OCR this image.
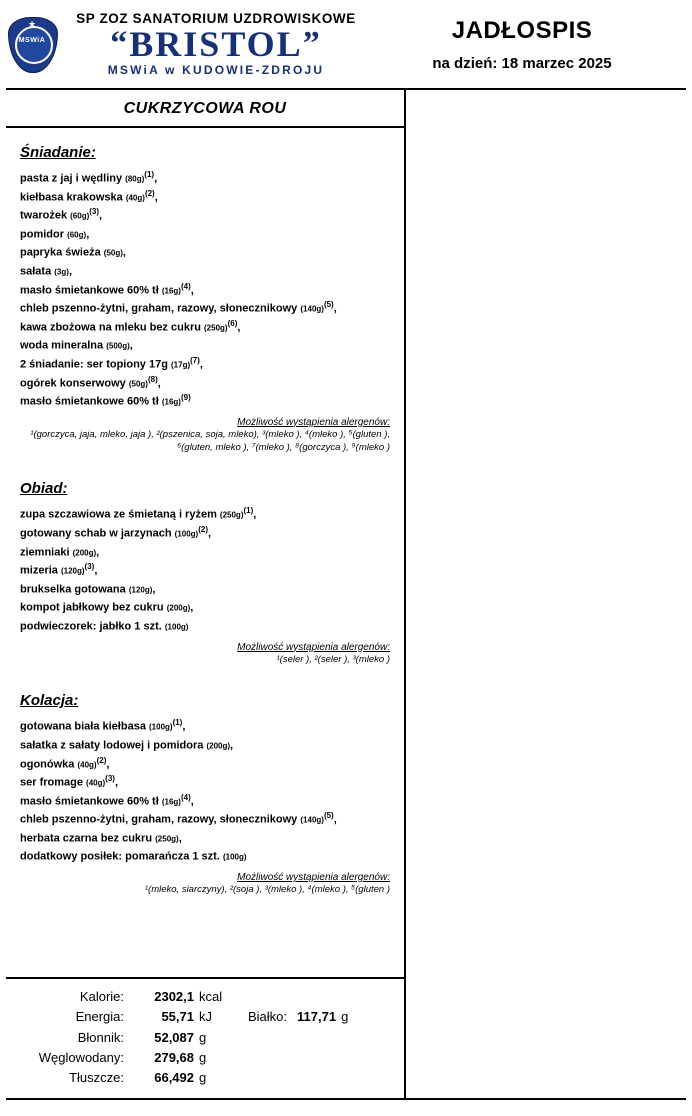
★
MSWiA
SP ZOZ SANATORIUM UZDROWISKOWE
“BRISTOL”
MSWiA w KUDOWIE-ZDROJU
JADŁOSPIS
na dzień: 18 marzec 2025
CUKRZYCOWA ROU
Śniadanie:
pasta z jaj i wędliny $(80g)^{(1)}$,
kiełbasa krakowska $(40g)^{(2)}$,
twarożek $(60g)^{(3)}$,
pomidor (60g),
papryka świeża (50g),
sałata (3g),
masło śmietankowe 60% tł $(16g)^{(4)}$,
chleb pszenno-żytni, graham, razowy, słonecznikowy $(140g)^{(5)}$,
kawa zbożowa na mleku bez cukru $(250g)^{(6)}$,
woda mineralna (500g),
2 śniadanie: ser topiony 17g $(17g)^{(7)}$,
ogórek konserwowy $(50g)^{(8)}$,
masło śmietankowe 60% tł $(16g)^{(9)}$
Możliwość wystąpienia alergenów:
¹(gorczyca, jaja, mleko, jaja ), ²(pszenica, soja, mleko), ³(mleko ), ⁴(mleko ), ⁵(gluten ), ⁶(gluten, mleko ), ⁷(mleko ), ⁸(gorczyca ), ⁹(mleko )
Obiad:
zupa szczawiowa ze śmietaną i ryżem $(250g)^{(1)}$,
gotowany schab w jarzynach $(100g)^{(2)}$,
ziemniaki (200g),
mizeria $(120g)^{(3)}$,
brukselka gotowana (120g),
kompot jabłkowy bez cukru (200g),
podwieczorek: jabłko 1 szt. (100g)
Możliwość wystąpienia alergenów:
¹(seler ), ²(seler ), ³(mleko )
Kolacja:
gotowana biała kiełbasa $(100g)^{(1)}$,
sałatka z sałaty lodowej i pomidora (200g),
ogonówka $(40g)^{(2)}$,
ser fromage $(40g)^{(3)}$,
masło śmietankowe 60% tł $(16g)^{(4)}$,
chleb pszenno-żytni, graham, razowy, słonecznikowy $(140g)^{(5)}$,
herbata czarna bez cukru (250g),
dodatkowy posiłek: pomarańcza 1 szt. (100g)
Możliwość wystąpienia alergenów:
¹(mleko, siarczyny), ²(soja ), ³(mleko ), ⁴(mleko ), ⁵(gluten )
Kalorie:	2302,1 kcal
Energia:	55,71 kJ	Białko: 117,71 g
Błonnik:	52,087 g
Węglowodany:	279,68 g
Tłuszcze:	66,492 g
